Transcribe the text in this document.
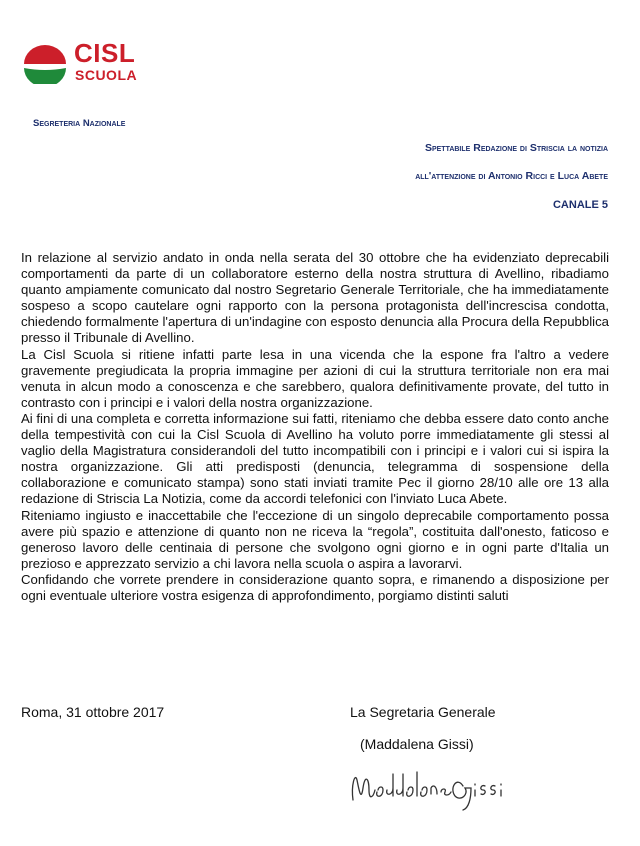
CISL
SCUOLA
Segreteria Nazionale
Spettabile Redazione di Striscia la notizia
all'attenzione di Antonio Ricci e Luca Abete
CANALE 5

In relazione al servizio andato in onda nella serata del 30 ottobre che ha evidenziato deprecabili comportamenti da parte di un collaboratore esterno della nostra struttura di Avellino, ribadiamo quanto ampiamente comunicato dal nostro Segretario Generale Territoriale, che ha immediatamente sospeso a scopo cautelare ogni rapporto con la persona protagonista dell'increscisa condotta, chiedendo formalmente l'apertura di un'indagine con esposto denuncia alla Procura della Repubblica presso il Tribunale di Avellino.

La Cisl Scuola si ritiene infatti parte lesa in una vicenda che la espone fra l'altro a vedere gravemente pregiudicata la propria immagine per azioni di cui la struttura territoriale non era mai venuta in alcun modo a conoscenza e che sarebbero, qualora definitivamente provate, del tutto in contrasto con i principi e i valori della nostra organizzazione.

Ai fini di una completa e corretta informazione sui fatti, riteniamo che debba essere dato conto anche della tempestività con cui la Cisl Scuola di Avellino ha voluto porre immediatamente gli stessi al vaglio della Magistratura considerandoli del tutto incompatibili con i principi e i valori cui si ispira la nostra organizzazione. Gli atti predisposti (denuncia, telegramma di sospensione della collaborazione e comunicato stampa) sono stati inviati tramite Pec il giorno 28/10 alle ore 13 alla redazione di Striscia La Notizia, come da accordi telefonici con l'inviato Luca Abete.

Riteniamo ingiusto e inaccettabile che l'eccezione di un singolo deprecabile comportamento possa avere più spazio e attenzione di quanto non ne riceva la “regola”, costituita dall'onesto, faticoso e generoso lavoro delle centinaia di persone che svolgono ogni giorno e in ogni parte d'Italia un prezioso e apprezzato servizio a chi lavora nella scuola o aspira a lavorarvi.

Confidando che vorrete prendere in considerazione quanto sopra, e rimanendo a disposizione per ogni eventuale ulteriore vostra esigenza di approfondimento, porgiamo distinti saluti

Roma, 31 ottobre 2017	La Segretaria Generale
(Maddalena Gissi)
